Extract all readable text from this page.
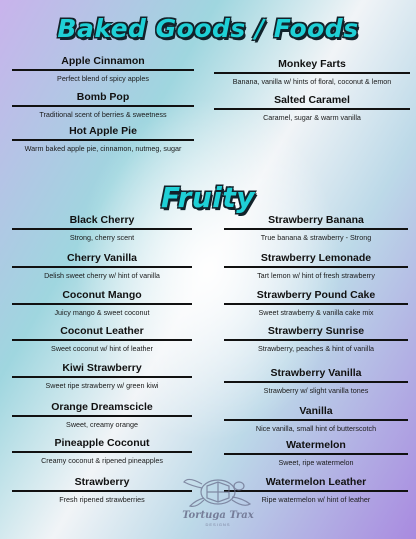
Baked Goods / Foods
Apple Cinnamon
Perfect blend of spicy apples
Bomb Pop
Traditional scent of berries & sweetness
Hot Apple Pie
Warm baked apple pie, cinnamon, nutmeg, sugar
Monkey Farts
Banana, vanilla w/ hints of floral, coconut & lemon
Salted Caramel
Caramel, sugar & warm vanilla
Fruity
Black Cherry
Strong, cherry scent
Cherry Vanilla
Delish sweet cherry w/ hint of vanilla
Coconut Mango
Juicy mango & sweet coconut
Coconut Leather
Sweet coconut w/ hint of leather
Kiwi Strawberry
Sweet ripe strawberry w/ green kiwi
Orange Dreamscicle
Sweet, creamy orange
Pineapple Coconut
Creamy coconut & ripened pineapples
Strawberry
Fresh ripened strawberries
Strawberry Banana
True banana & strawberry - Strong
Strawberry Lemonade
Tart lemon w/ hint of fresh strawberry
Strawberry Pound Cake
Sweet strawberry & vanilla cake mix
Strawberry Sunrise
Strawberry, peaches & hint of vanilla
Strawberry Vanilla
Strawberry w/ slight vanilla tones
Vanilla
Nice vanilla, small hint of butterscotch
Watermelon
Sweet, ripe watermelon
Watermelon Leather
Ripe watermelon w/ hint of leather
Tortuga Trax
DESIGNS
